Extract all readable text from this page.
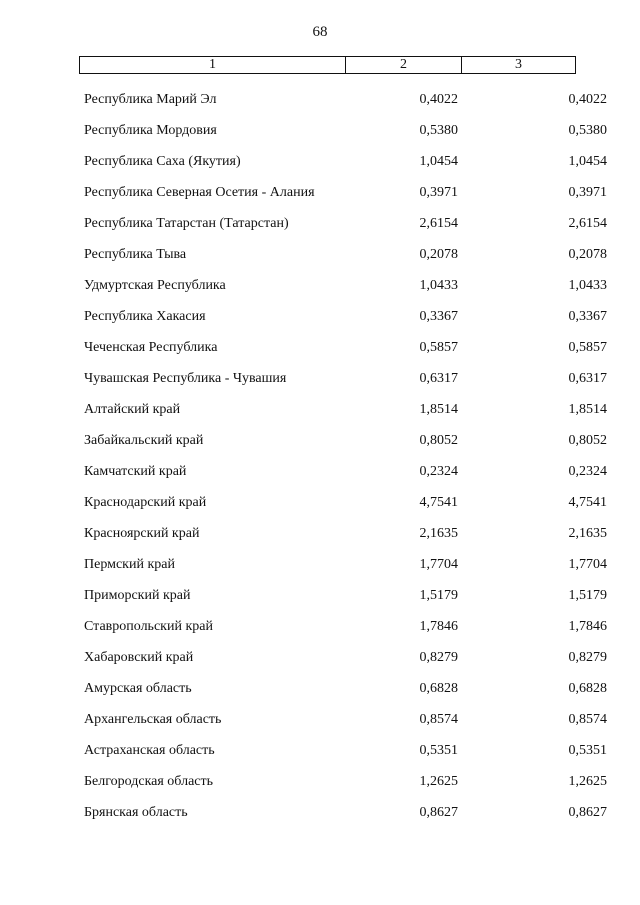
68
1	2	3
Республика Марий Эл	0,4022	0,4022
Республика Мордовия	0,5380	0,5380
Республика Саха (Якутия)	1,0454	1,0454
Республика Северная Осетия - Алания	0,3971	0,3971
Республика Татарстан (Татарстан)	2,6154	2,6154
Республика Тыва	0,2078	0,2078
Удмуртская Республика	1,0433	1,0433
Республика Хакасия	0,3367	0,3367
Чеченская Республика	0,5857	0,5857
Чувашская Республика - Чувашия	0,6317	0,6317
Алтайский край	1,8514	1,8514
Забайкальский край	0,8052	0,8052
Камчатский край	0,2324	0,2324
Краснодарский край	4,7541	4,7541
Красноярский край	2,1635	2,1635
Пермский край	1,7704	1,7704
Приморский край	1,5179	1,5179
Ставропольский край	1,7846	1,7846
Хабаровский край	0,8279	0,8279
Амурская область	0,6828	0,6828
Архангельская область	0,8574	0,8574
Астраханская область	0,5351	0,5351
Белгородская область	1,2625	1,2625
Брянская область	0,8627	0,8627
